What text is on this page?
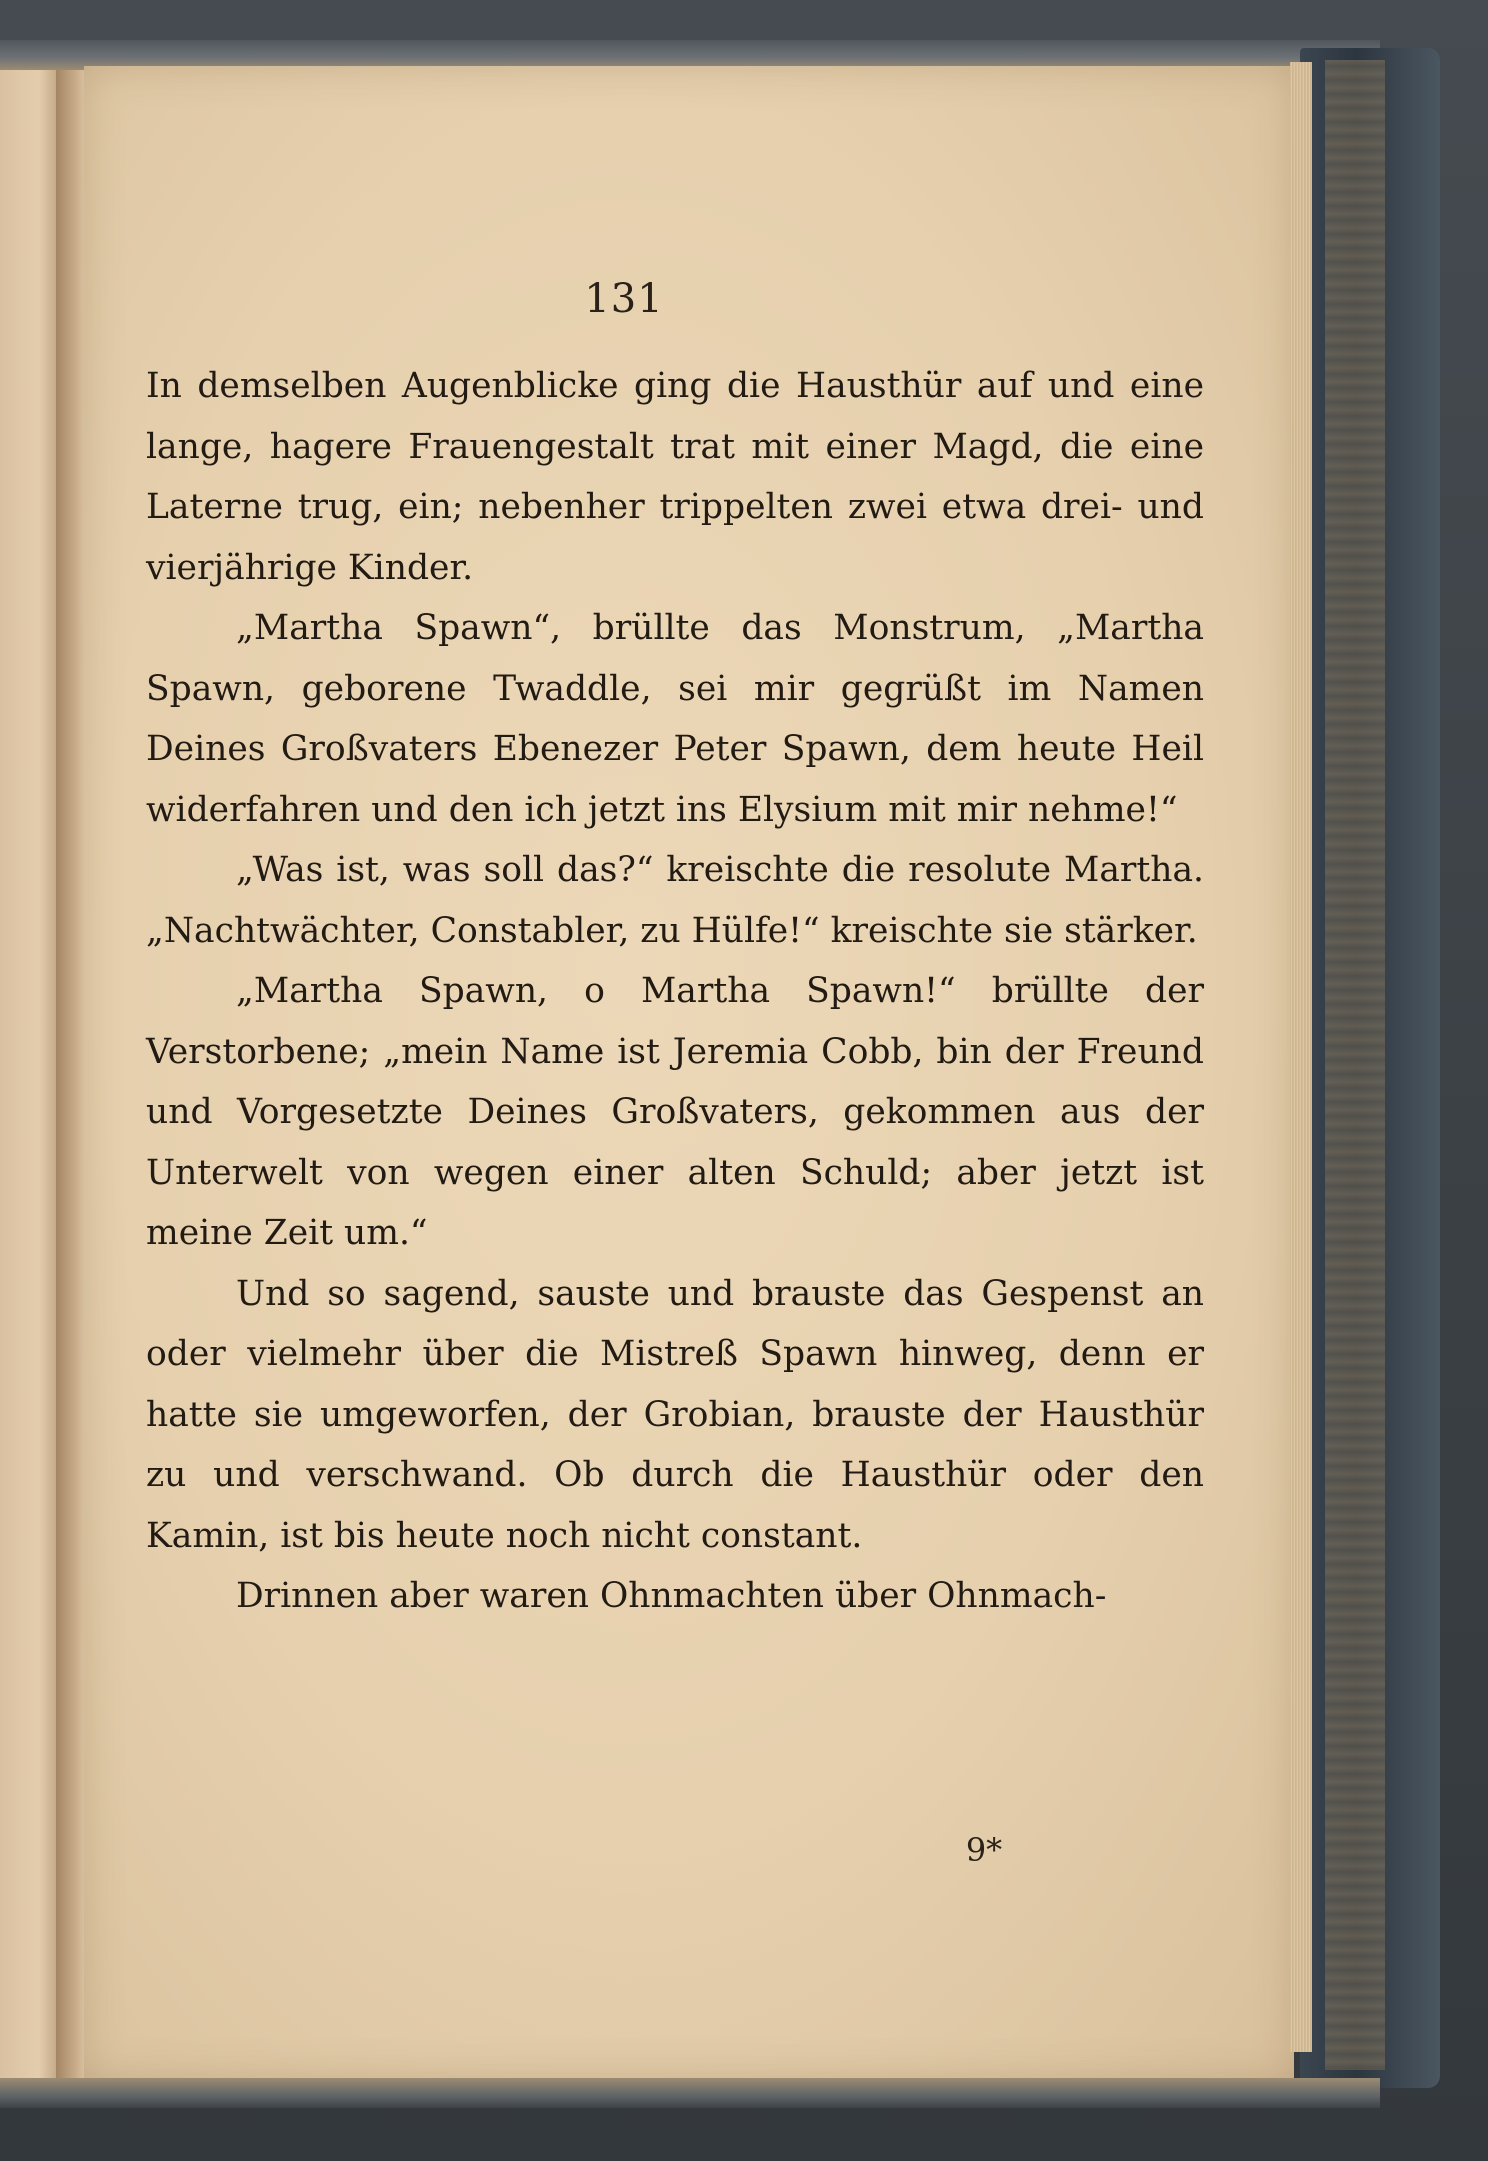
131

In demselben Augenblicke ging die Hausthür auf und eine lange, hagere Frauengestalt trat mit einer Magd, die eine Laterne trug, ein; nebenher trippelten zwei etwa drei- und vierjährige Kinder.

„Martha Spawn“, brüllte das Monstrum, „Martha Spawn, geborene Twaddle, sei mir gegrüßt im Namen Deines Großvaters Ebenezer Peter Spawn, dem heute Heil widerfahren und den ich jetzt ins Elysium mit mir nehme!“

„Was ist, was soll das?“ kreischte die resolute Martha. „Nachtwächter, Constabler, zu Hülfe!“ kreischte sie stärker.

„Martha Spawn, o Martha Spawn!“ brüllte der Verstorbene; „mein Name ist Jeremia Cobb, bin der Freund und Vorgesetzte Deines Großvaters, gekommen aus der Unterwelt von wegen einer alten Schuld; aber jetzt ist meine Zeit um.“

Und so sagend, sauste und brauste das Gespenst an oder vielmehr über die Mistreß Spawn hinweg, denn er hatte sie umgeworfen, der Grobian, brauste der Hausthür zu und verschwand. Ob durch die Hausthür oder den Kamin, ist bis heute noch nicht constant.

Drinnen aber waren Ohnmachten über Ohnmach-

9*
